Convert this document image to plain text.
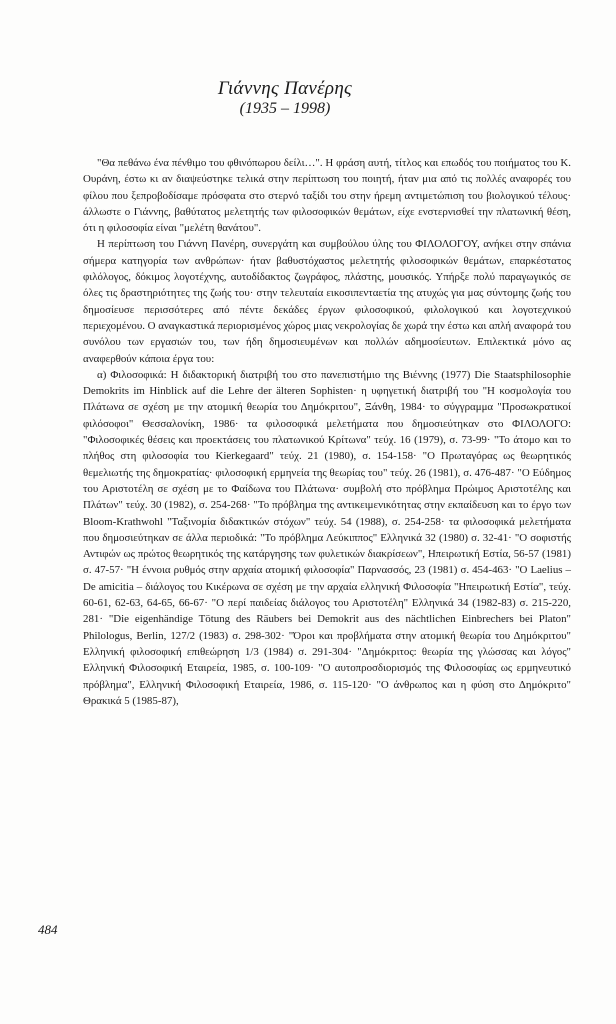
Γιάννης Πανέρης
(1935 – 1998)

"Θα πεθάνω ένα πένθιμο του φθινόπωρου δείλι…". Η φράση αυτή, τίτλος και επωδός του ποιήματος του Κ. Ουράνη, έστω κι αν διαψεύστηκε τελικά στην περίπτωση του ποιητή, ήταν μια από τις πολλές αναφορές του φίλου που ξεπροβοδίσαμε πρόσφατα στο στερνό ταξίδι του στην ήρεμη αντιμετώπιση του βιολογικού τέλους· άλλωστε ο Γιάννης, βαθύτατος μελετητής των φιλοσοφικών θεμάτων, είχε ενστερνισθεί την πλατωνική θέση, ότι η φιλοσοφία είναι "μελέτη θανάτου".

Η περίπτωση του Γιάννη Πανέρη, συνεργάτη και συμβούλου ύλης του ΦΙΛΟΛΟΓΟΥ, ανήκει στην σπάνια σήμερα κατηγορία των ανθρώπων· ήταν βαθυστόχαστος μελετητής φιλοσοφικών θεμάτων, επαρκέστατος φιλόλογος, δόκιμος λογοτέχνης, αυτοδίδακτος ζωγράφος, πλάστης, μουσικός. Υπήρξε πολύ παραγωγικός σε όλες τις δραστηριότητες της ζωής του· στην τελευταία εικοσιπενταετία της ατυχώς για μας σύντομης ζωής του δημοσίευσε περισσότερες από πέντε δεκάδες έργων φιλοσοφικού, φιλολογικού και λογοτεχνικού περιεχομένου. Ο αναγκαστικά περιορισμένος χώρος μιας νεκρολογίας δε χωρά την έστω και απλή αναφορά του συνόλου των εργασιών του, των ήδη δημοσιευμένων και πολλών αδημοσίευτων. Επιλεκτικά μόνο ας αναφερθούν κάποια έργα του:

α) Φιλοσοφικά: Η διδακτορική διατριβή του στο πανεπιστήμιο της Βιέννης (1977) Die Staatsphilosophie Demokrits im Hinblick auf die Lehre der älteren Sophisten· η υφηγετική διατριβή του "Η κοσμολογία του Πλάτωνα σε σχέση με την ατομική θεωρία του Δημόκριτου", Ξάνθη, 1984· το σύγγραμμα "Προσωκρατικοί φιλόσοφοι" Θεσσαλονίκη, 1986· τα φιλοσοφικά μελετήματα που δημοσιεύτηκαν στο ΦΙΛΟΛΟΓΟ: "Φιλοσοφικές θέσεις και προεκτάσεις του πλατωνικού Κρίτωνα" τεύχ. 16 (1979), σ. 73-99· "Το άτομο και το πλήθος στη φιλοσοφία του Kierkegaard" τεύχ. 21 (1980), σ. 154-158· "Ο Πρωταγόρας ως θεωρητικός θεμελιωτής της δημοκρατίας· φιλοσοφική ερμηνεία της θεωρίας του" τεύχ. 26 (1981), σ. 476-487· "Ο Εύδημος του Αριστοτέλη σε σχέση με το Φαίδωνα του Πλάτωνα· συμβολή στο πρόβλημα Πρώιμος Αριστοτέλης και Πλάτων" τεύχ. 30 (1982), σ. 254-268· "Το πρόβλημα της αντικειμενικότητας στην εκπαίδευση και το έργο των Bloom-Krathwohl "Ταξινομία διδακτικών στόχων" τεύχ. 54 (1988), σ. 254-258· τα φιλοσοφικά μελετήματα που δημοσιεύτηκαν σε άλλα περιοδικά: "Το πρόβλημα Λεύκιππος" Ελληνικά 32 (1980) σ. 32-41· "Ο σοφιστής Αντιφών ως πρώτος θεωρητικός της κατάργησης των φυλετικών διακρίσεων", Ηπειρωτική Εστία, 56-57 (1981) σ. 47-57· "Η έννοια ρυθμός στην αρχαία ατομική φιλοσοφία" Παρνασσός, 23 (1981) σ. 454-463· "Ο Laelius – De amicitia – διάλογος του Κικέρωνα σε σχέση με την αρχαία ελληνική Φιλοσοφία "Ηπειρωτική Εστία", τεύχ. 60-61, 62-63, 64-65, 66-67· "Ο περί παιδείας διάλογος του Αριστοτέλη" Ελληνικά 34 (1982-83) σ. 215-220, 281· "Die eigenhändige Tötung des Räubers bei Demokrit aus des nächtlichen Einbrechers bei Platon" Philologus, Berlin, 127/2 (1983) σ. 298-302· "Όροι και προβλήματα στην ατομική θεωρία του Δημόκριτου" Ελληνική φιλοσοφική επιθεώρηση 1/3 (1984) σ. 291-304· "Δημόκριτος: θεωρία της γλώσσας και λόγος" Ελληνική Φιλοσοφική Εταιρεία, 1985, σ. 100-109· "Ο αυτοπροσδιορισμός της Φιλοσοφίας ως ερμηνευτικό πρόβλημα", Ελληνική Φιλοσοφική Εταιρεία, 1986, σ. 115-120· "Ο άνθρωπος και η φύση στο Δημόκριτο" Θρακικά 5 (1985-87),

484
